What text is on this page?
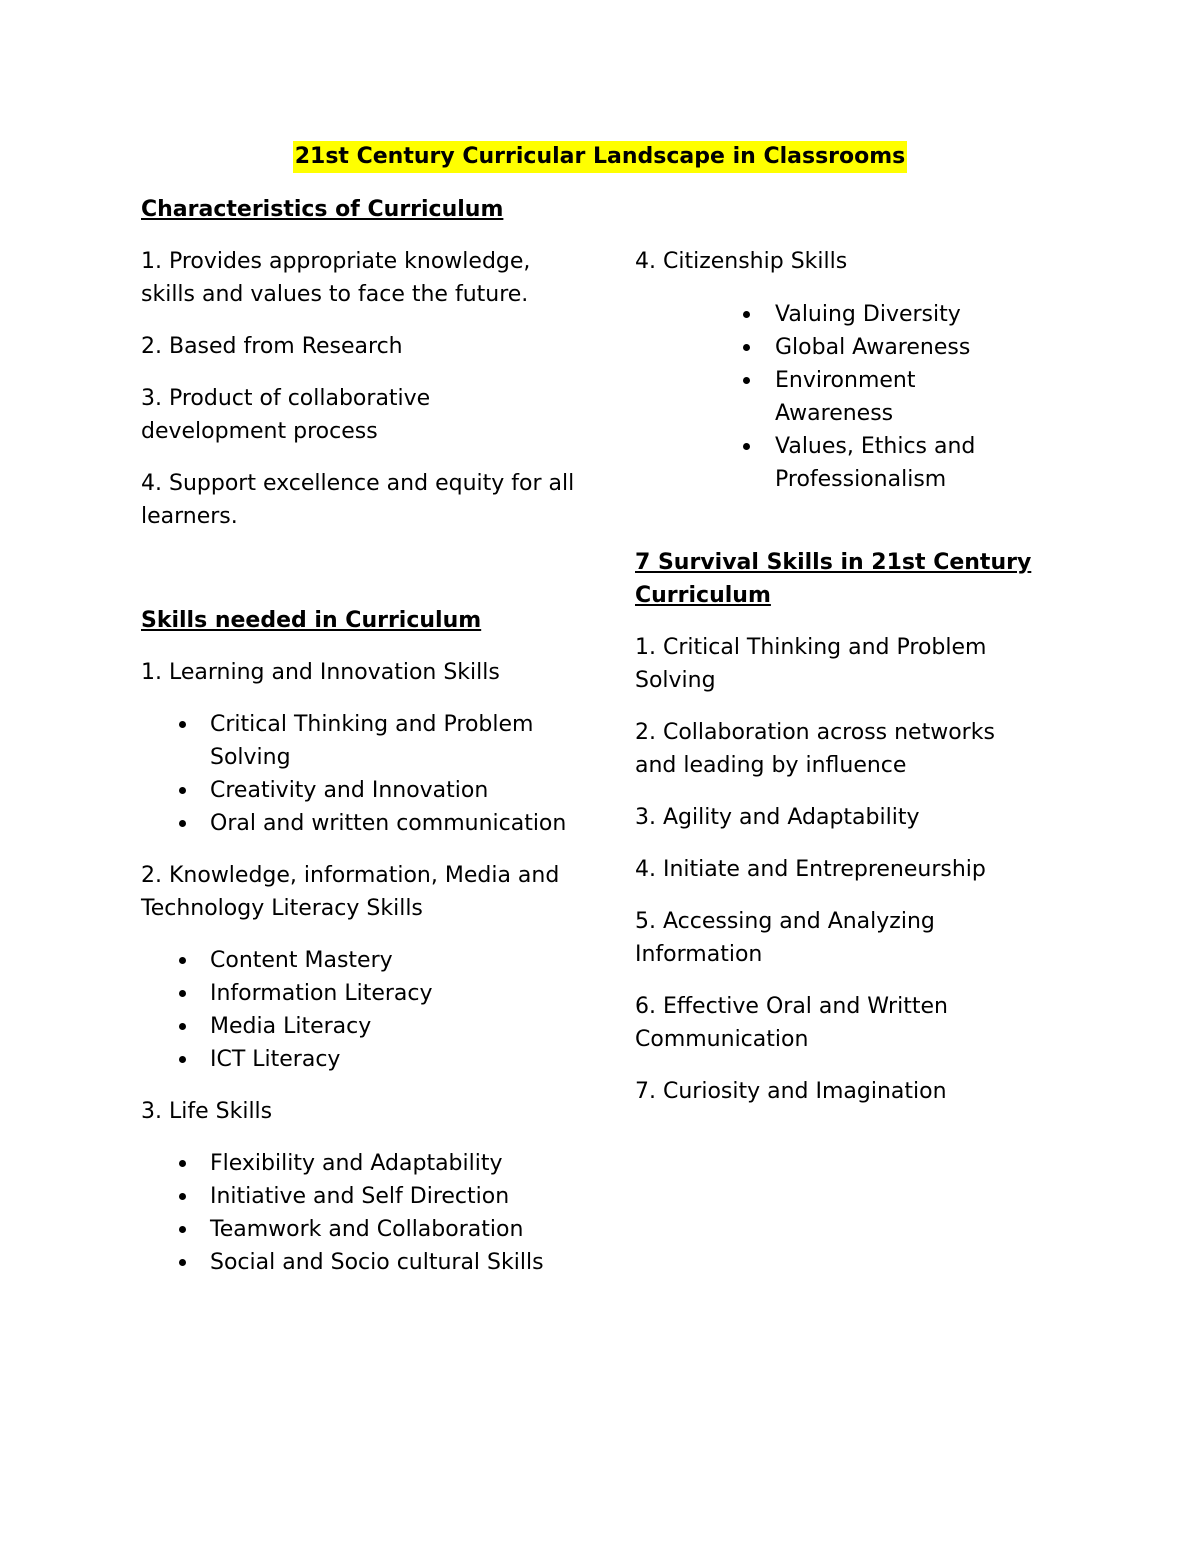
21st Century Curricular Landscape in Classrooms

Characteristics of Curriculum

1. Provides appropriate knowledge, skills and values to face the future.

2. Based from Research

3. Product of collaborative development process

4. Support excellence and equity for all learners.

Skills needed in Curriculum

1. Learning and Innovation Skills

Critical Thinking and Problem Solving
Creativity and Innovation
Oral and written communication

2. Knowledge, information, Media and Technology Literacy Skills

Content Mastery
Information Literacy
Media Literacy
ICT Literacy

3. Life Skills

Flexibility and Adaptability
Initiative and Self Direction
Teamwork and Collaboration
Social and Socio cultural Skills

4. Citizenship Skills

Valuing Diversity
Global Awareness
Environment Awareness
Values, Ethics and Professionalism

7 Survival Skills in 21st Century Curriculum

1. Critical Thinking and Problem Solving

2. Collaboration across networks and leading by influence

3. Agility and Adaptability

4. Initiate and Entrepreneurship

5. Accessing and Analyzing Information

6. Effective Oral and Written Communication

7. Curiosity and Imagination
